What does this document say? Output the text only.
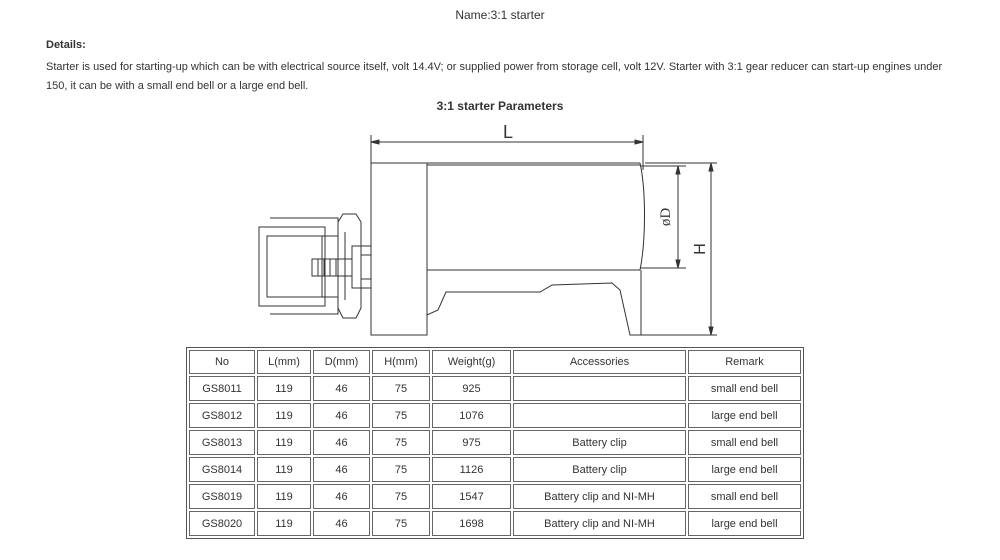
Name:3:1 starter
Details:
Starter is used for starting-up which can be with electrical source itself, volt 14.4V; or supplied power from storage cell, volt 12V. Starter with 3:1 gear reducer can start-up engines under 150, it can be with a small end bell or a large end bell.
3:1 starter Parameters
L
øD
H
No	L(mm)	D(mm)	H(mm)	Weight(g)	Accessories	Remark
GS8011	119	46	75	925		small end bell
GS8012	119	46	75	1076		large end bell
GS8013	119	46	75	975	Battery clip	small end bell
GS8014	119	46	75	1126	Battery clip	large end bell
GS8019	119	46	75	1547	Battery clip and NI-MH	small end bell
GS8020	119	46	75	1698	Battery clip and NI-MH	large end bell
